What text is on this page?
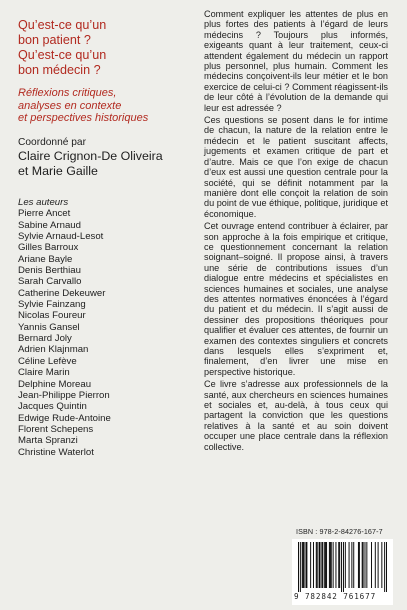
Qu’est-ce qu’un
bon patient ?
Qu’est-ce qu’un
bon médecin ?
Réflexions critiques,
analyses en contexte
et perspectives historiques
Coordonné par
Claire Crignon-De Oliveira
et Marie Gaille
Les auteurs
Pierre Ancet
Sabine Arnaud
Sylvie Arnaud-Lesot
Gilles Barroux
Ariane Bayle
Denis Berthiau
Sarah Carvallo
Catherine Dekeuwer
Sylvie Fainzang
Nicolas Foureur
Yannis Gansel
Bernard Joly
Adrien Klajnman
Céline Lefève
Claire Marin
Delphine Moreau
Jean-Philippe Pierron
Jacques Quintin
Edwige Rude-Antoine
Florent Schepens
Marta Spranzi
Christine Waterlot

Comment expliquer les attentes de plus en plus fortes des patients à l’égard de leurs médecins ? Toujours plus informés, exigeants quant à leur traitement, ceux-ci attendent également du médecin un rapport plus personnel, plus humain. Comment les médecins conçoivent-ils leur métier et le bon exercice de celui-ci ? Comment réagissent-ils de leur côté à l’évolution de la demande qui leur est adressée ?

Ces questions se posent dans le for intime de chacun, la nature de la relation entre le médecin et le patient suscitant affects, jugements et examen critique de part et d’autre. Mais ce que l’on exige de chacun d’eux est aussi une question centrale pour la société, qui se définit notamment par la manière dont elle conçoit la relation de soin du point de vue éthique, politique, juridique et économique.

Cet ouvrage entend contribuer à éclairer, par son approche à la fois empirique et critique, ce questionnement concernant la relation soignant–soigné. Il propose ainsi, à travers une série de contributions issues d’un dialogue entre médecins et spécialistes en sciences humaines et sociales, une analyse des attentes normatives énoncées à l’égard du patient et du médecin. Il s’agit aussi de dessiner des propositions théoriques pour qualifier et évaluer ces attentes, de fournir un examen des contextes singuliers et concrets dans lesquels elles s’expriment et, finalement, d’en livrer une mise en perspective historique.

Ce livre s’adresse aux professionnels de la santé, aux chercheurs en sciences humaines et sociales et, au-delà, à tous ceux qui partagent la conviction que les questions relatives à la santé et au soin doivent occuper une place centrale dans la réflexion collective.

ISBN : 978-2-84276-167-7
9 782842 761677
